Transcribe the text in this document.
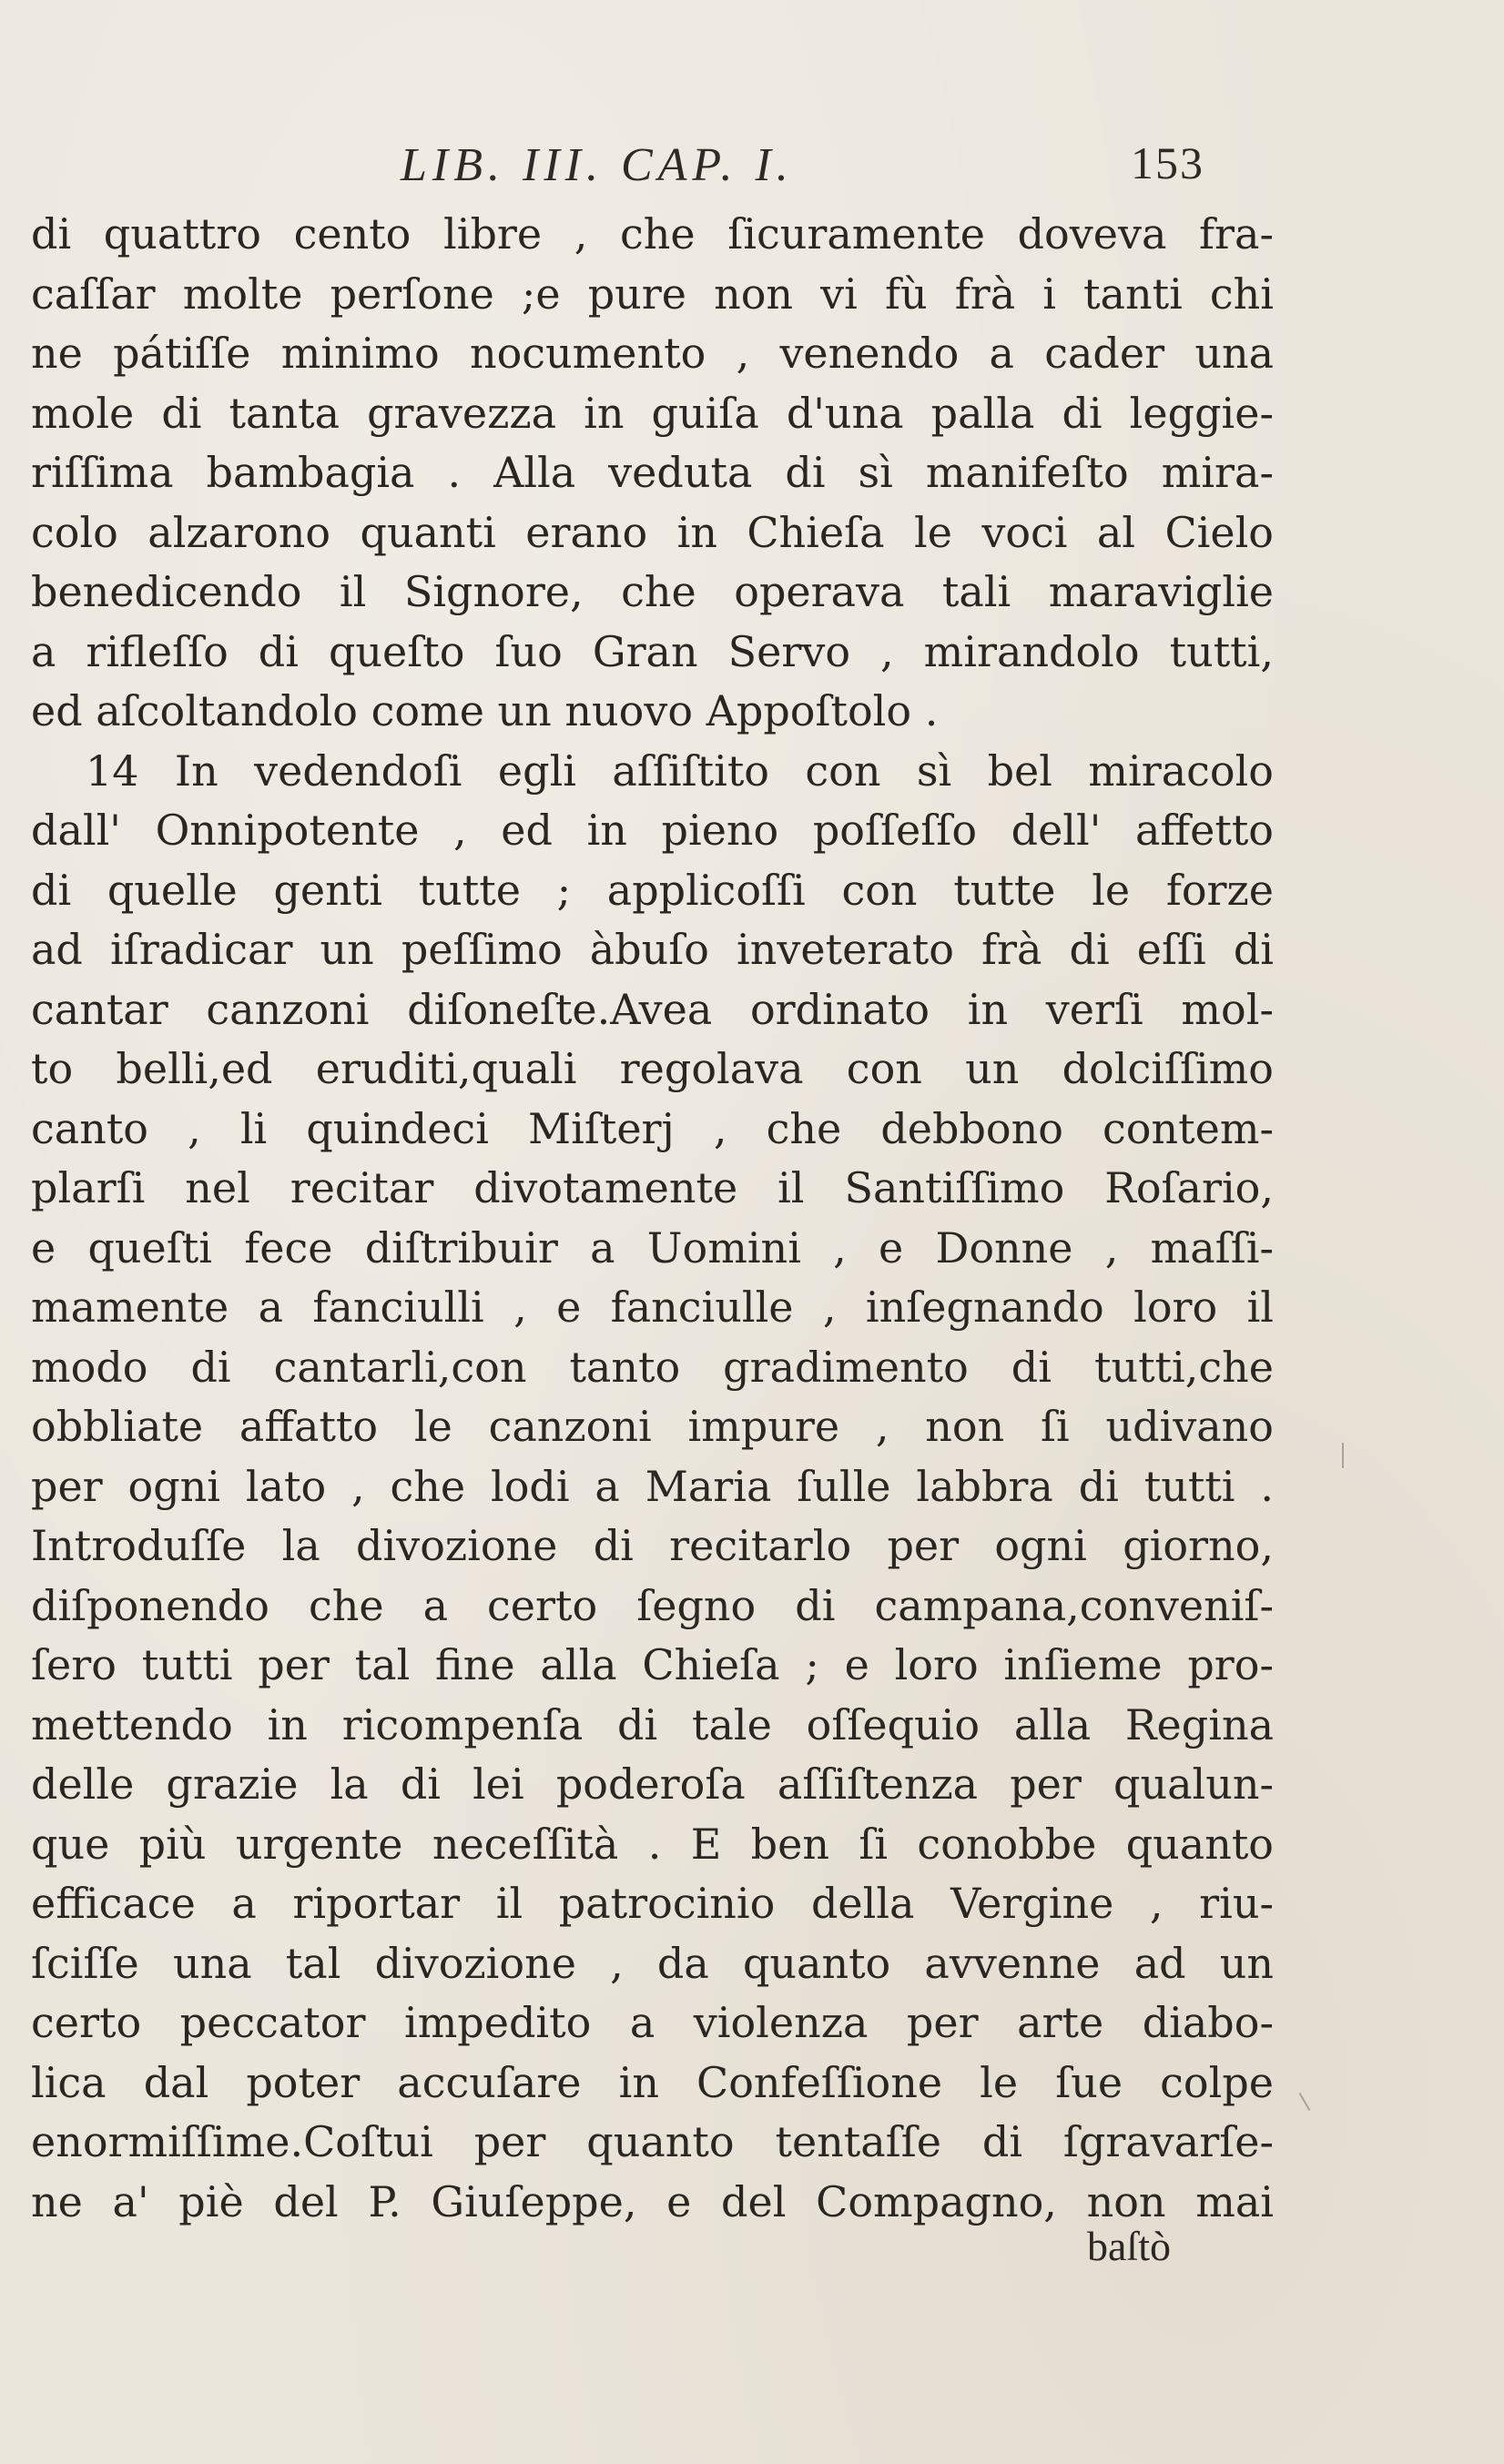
LIB. III. CAP. I.	153
di quattro cento libre , che ſicuramente doveva fra-
caſſar molte perſone ;e pure non vi fù frà i tanti chi
ne pátiſſe minimo nocumento , venendo a cader una
mole di tanta gravezza in guiſa d'una palla di leggie-
riſſima bambagia . Alla veduta di sì manifeſto mira-
colo alzarono quanti erano in Chieſa le voci al Cielo
benedicendo il Signore, che operava tali maraviglie
a rifleſſo di queſto ſuo Gran Servo , mirandolo tutti,
ed aſcoltandolo come un nuovo Appoſtolo .
14 In vedendoſi egli aſſiſtito con sì bel miracolo
dall' Onnipotente , ed in pieno poſſeſſo dell' affetto
di quelle genti tutte ; applicoſſi con tutte le forze
ad iſradicar un peſſimo àbuſo inveterato frà di eſſi di
cantar canzoni diſoneſte.Avea ordinato in verſi mol-
to belli,ed eruditi,quali regolava con un dolciſſimo
canto , li quindeci Miſterj , che debbono contem-
plarſi nel recitar divotamente il Santiſſimo Roſario,
e queſti fece diſtribuir a Uomini , e Donne , maſſi-
mamente a fanciulli , e fanciulle , inſegnando loro il
modo di cantarli,con tanto gradimento di tutti,che
obbliate affatto le canzoni impure , non ſi udivano
per ogni lato , che lodi a Maria ſulle labbra di tutti .
Introduſſe la divozione di recitarlo per ogni giorno,
diſponendo che a certo ſegno di campana,conveniſ-
ſero tutti per tal fine alla Chieſa ; e loro inſieme pro-
mettendo in ricompenſa di tale oſſequio alla Regina
delle grazie la di lei poderoſa aſſiſtenza per qualun-
que più urgente neceſſità . E ben ſi conobbe quanto
efficace a riportar il patrocinio della Vergine , riu-
ſciſſe una tal divozione , da quanto avvenne ad un
certo peccator impedito a violenza per arte diabo-
lica dal poter accuſare in Confeſſione le ſue colpe
enormiſſime.Coſtui per quanto tentaſſe di ſgravarſe-
ne a' piè del P. Giuſeppe, e del Compagno, non mai
baſtò
